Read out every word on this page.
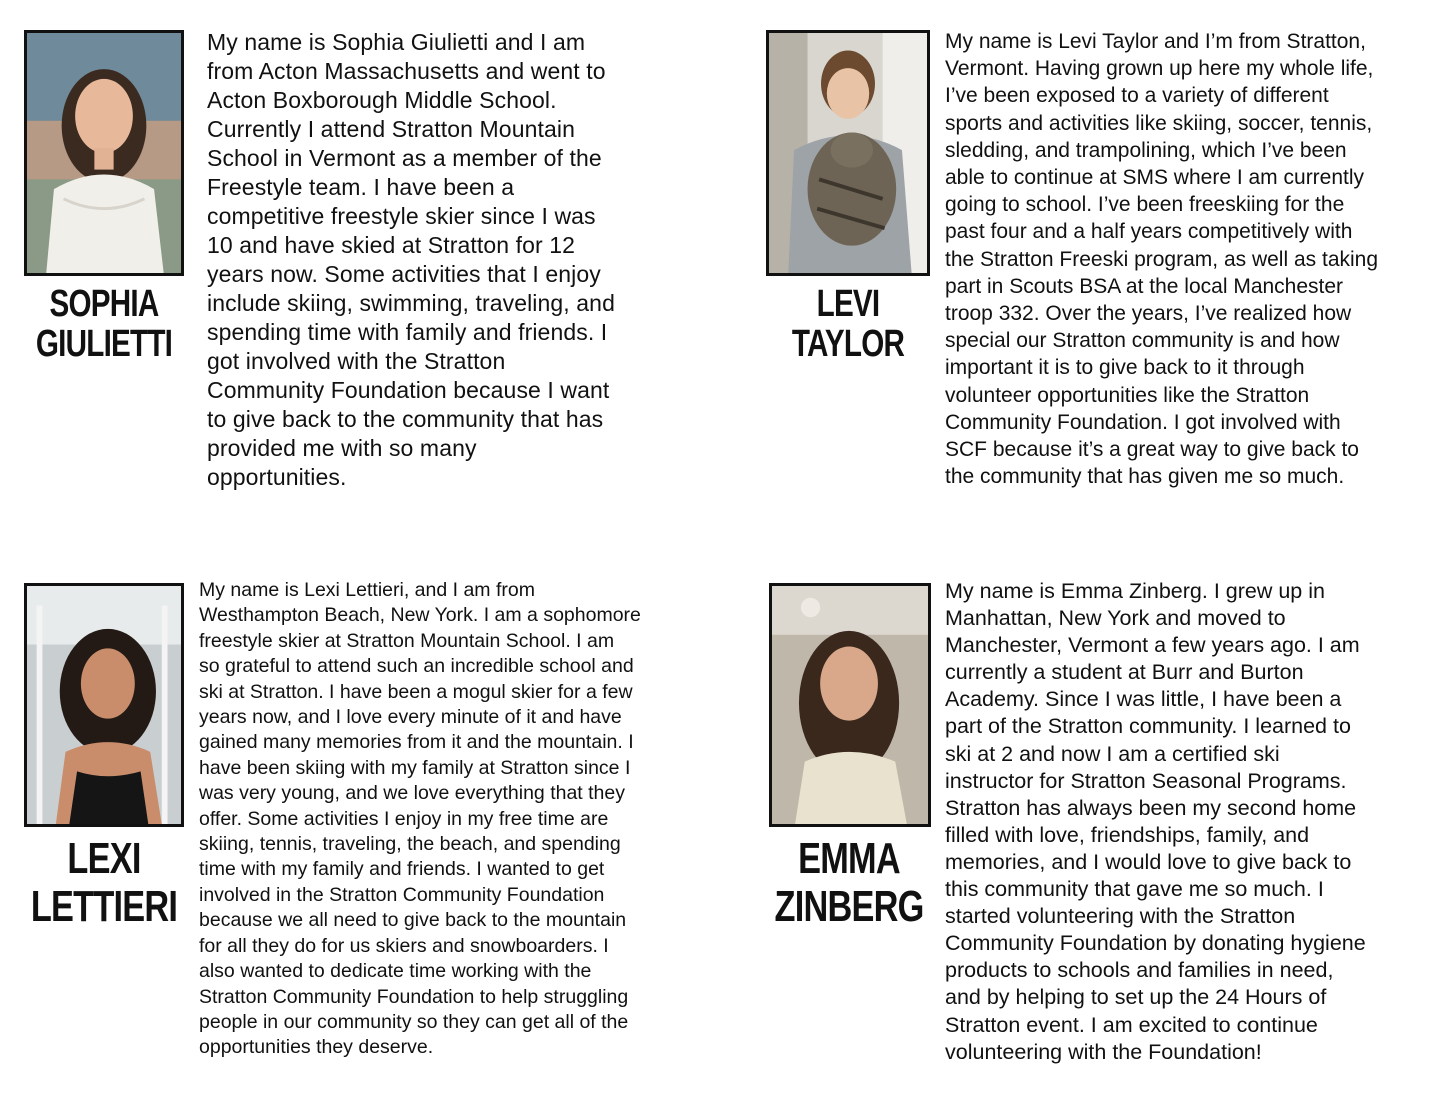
SOPHIA
GIULIETTI

My name is Sophia Giulietti and I am
from Acton Massachusetts and went to
Acton Boxborough Middle School.
Currently I attend Stratton Mountain
School in Vermont as a member of the
Freestyle team. I have been a
competitive freestyle skier since I was
10 and have skied at Stratton for 12
years now. Some activities that I enjoy
include skiing, swimming, traveling, and
spending time with family and friends. I
got involved with the Stratton
Community Foundation because I want
to give back to the community that has
provided me with so many
opportunities.

LEVI
TAYLOR

My name is Levi Taylor and I’m from Stratton,
Vermont. Having grown up here my whole life,
I’ve been exposed to a variety of different
sports and activities like skiing, soccer, tennis,
sledding, and trampolining, which I’ve been
able to continue at SMS where I am currently
going to school. I’ve been freeskiing for the
past four and a half years competitively with
the Stratton Freeski program, as well as taking
part in Scouts BSA at the local Manchester
troop 332. Over the years, I’ve realized how
special our Stratton community is and how
important it is to give back to it through
volunteer opportunities like the Stratton
Community Foundation. I got involved with
SCF because it’s a great way to give back to
the community that has given me so much.

LEXI
LETTIERI

My name is Lexi Lettieri, and I am from
Westhampton Beach, New York. I am a sophomore
freestyle skier at Stratton Mountain School. I am
so grateful to attend such an incredible school and
ski at Stratton. I have been a mogul skier for a few
years now, and I love every minute of it and have
gained many memories from it and the mountain. I
have been skiing with my family at Stratton since I
was very young, and we love everything that they
offer. Some activities I enjoy in my free time are
skiing, tennis, traveling, the beach, and spending
time with my family and friends. I wanted to get
involved in the Stratton Community Foundation
because we all need to give back to the mountain
for all they do for us skiers and snowboarders. I
also wanted to dedicate time working with the
Stratton Community Foundation to help struggling
people in our community so they can get all of the
opportunities they deserve.

EMMA
ZINBERG

My name is Emma Zinberg. I grew up in
Manhattan, New York and moved to
Manchester, Vermont a few years ago. I am
currently a student at Burr and Burton
Academy. Since I was little, I have been a
part of the Stratton community. I learned to
ski at 2 and now I am a certified ski
instructor for Stratton Seasonal Programs.
Stratton has always been my second home
filled with love, friendships, family, and
memories, and I would love to give back to
this community that gave me so much. I
started volunteering with the Stratton
Community Foundation by donating hygiene
products to schools and families in need,
and by helping to set up the 24 Hours of
Stratton event. I am excited to continue
volunteering with the Foundation!
